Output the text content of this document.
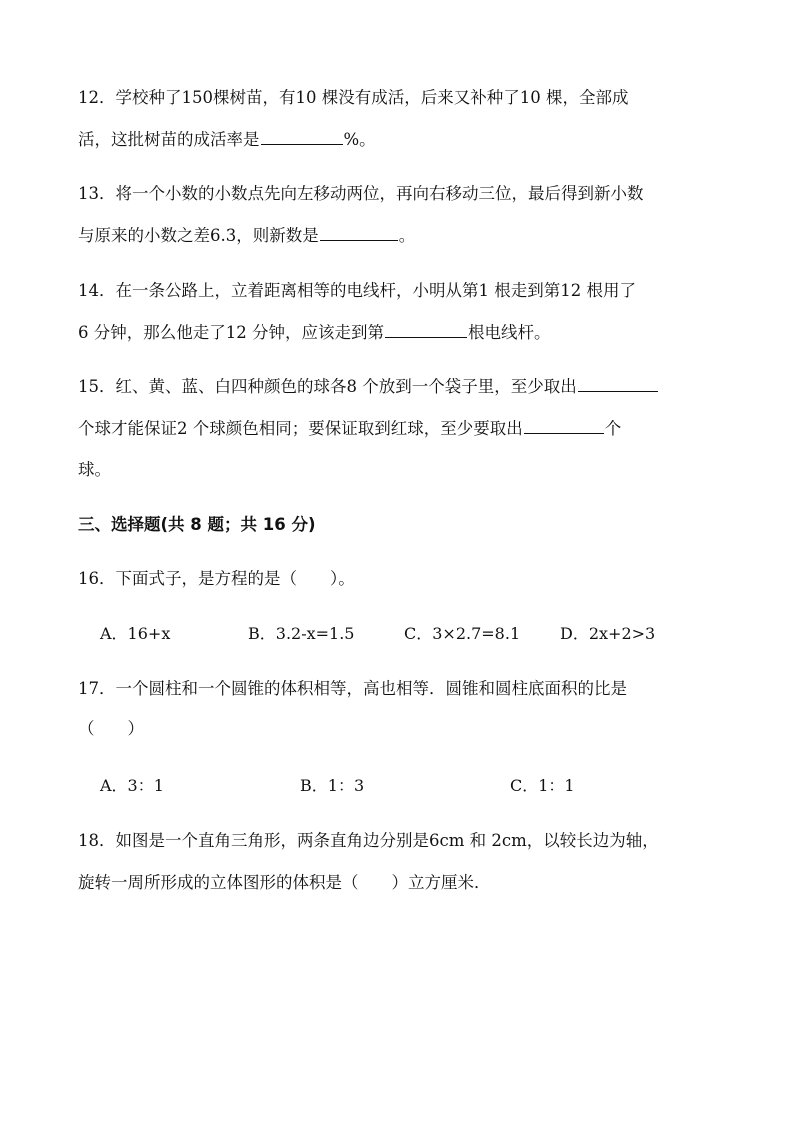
12．学校种了150棵树苗，有10 棵没有成活，后来又补种了10 棵，全部成
活，这批树苗的成活率是	%。
13．将一个小数的小数点先向左移动两位，再向右移动三位，最后得到新小数
与原来的小数之差6.3，则新数是	。
14．在一条公路上，立着距离相等的电线杆，小明从第1 根走到第12 根用了
6 分钟，那么他走了12 分钟，应该走到第	根电线杆。
15．红、黄、蓝、白四种颜色的球各8 个放到一个袋子里，至少取出
个球才能保证2 个球颜色相同；要保证取到红球，至少要取出	个
球。
三、选择题(共 8 题；共 16 分)
16．下面式子，是方程的是（　　）。
A．16+x	B．3.2-x=1.5	C．3×2.7=8.1 D．2x+2>3
17．一个圆柱和一个圆锥的体积相等，高也相等．圆锥和圆柱底面积的比是
（　　）
A．3：1	B．1：3	C．1：1
18．如图是一个直角三角形，两条直角边分别是6cm 和 2cm，以较长边为轴，
旋转一周所形成的立体图形的体积是（　　）立方厘米．
